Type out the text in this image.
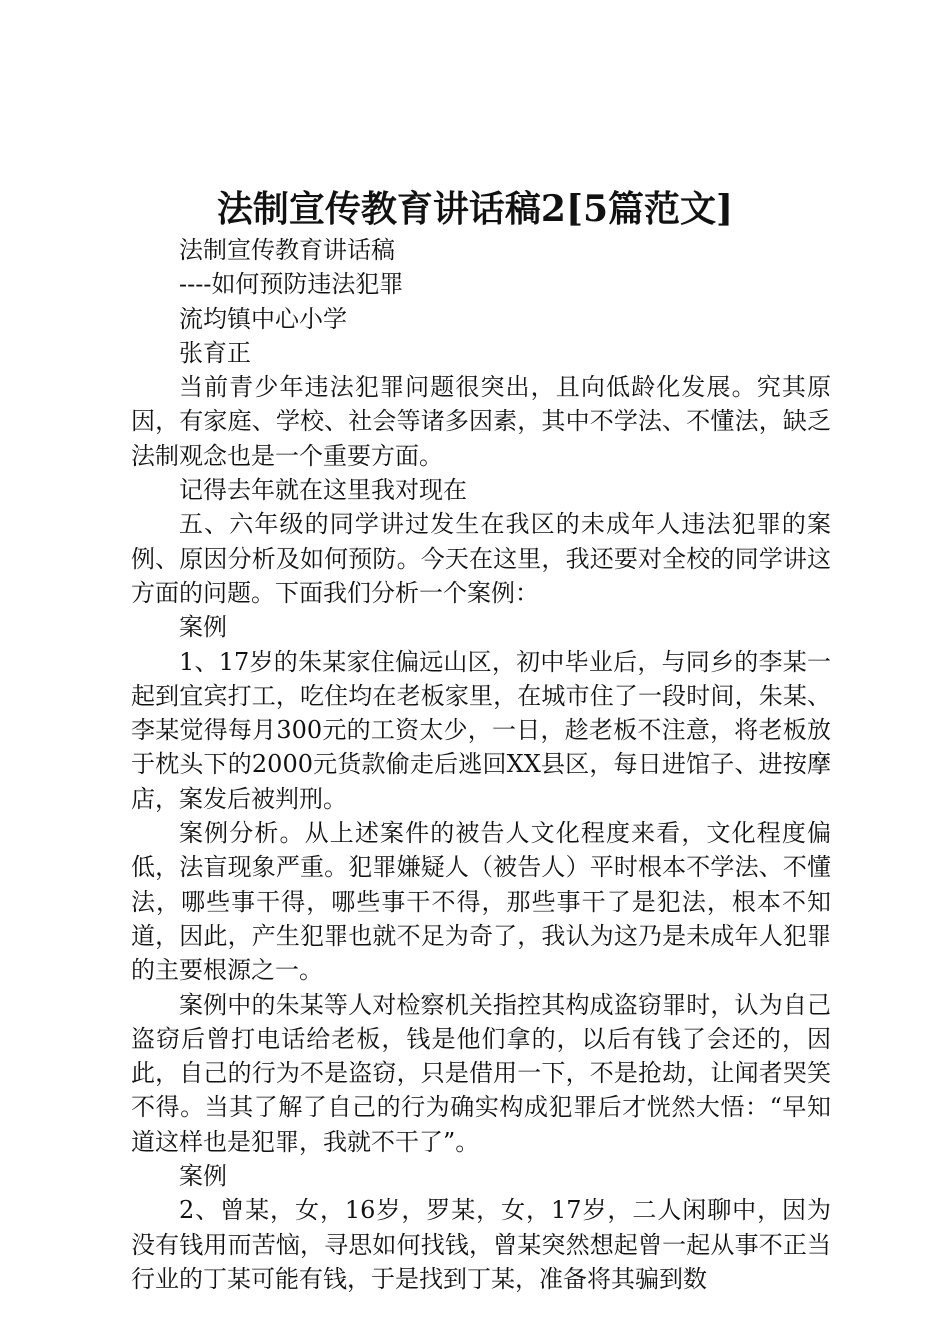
法制宣传教育讲话稿2[5篇范文]

法制宣传教育讲话稿

----如何预防违法犯罪

流均镇中心小学

张育正

当前青少年违法犯罪问题很突出，且向低龄化发展。究其原因，有家庭、学校、社会等诸多因素，其中不学法、不懂法，缺乏法制观念也是一个重要方面。

记得去年就在这里我对现在

五、六年级的同学讲过发生在我区的未成年人违法犯罪的案例、原因分析及如何预防。今天在这里，我还要对全校的同学讲这方面的问题。下面我们分析一个案例：

案例

1、17岁的朱某家住偏远山区，初中毕业后，与同乡的李某一起到宜宾打工，吃住均在老板家里，在城市住了一段时间，朱某、李某觉得每月300元的工资太少，一日，趁老板不注意，将老板放于枕头下的2000元货款偷走后逃回XX县区，每日进馆子、进按摩店，案发后被判刑。

案例分析。从上述案件的被告人文化程度来看，文化程度偏低，法盲现象严重。犯罪嫌疑人（被告人）平时根本不学法、不懂法，哪些事干得，哪些事干不得，那些事干了是犯法，根本不知道，因此，产生犯罪也就不足为奇了，我认为这乃是未成年人犯罪的主要根源之一。

案例中的朱某等人对检察机关指控其构成盗窃罪时，认为自己盗窃后曾打电话给老板，钱是他们拿的，以后有钱了会还的，因此，自己的行为不是盗窃，只是借用一下，不是抢劫，让闻者哭笑不得。当其了解了自己的行为确实构成犯罪后才恍然大悟：“早知道这样也是犯罪，我就不干了”。

案例

2、曾某，女，16岁，罗某，女，17岁，二人闲聊中，因为没有钱用而苦恼，寻思如何找钱，曾某突然想起曾一起从事不正当行业的丁某可能有钱，于是找到丁某，准备将其骗到数
